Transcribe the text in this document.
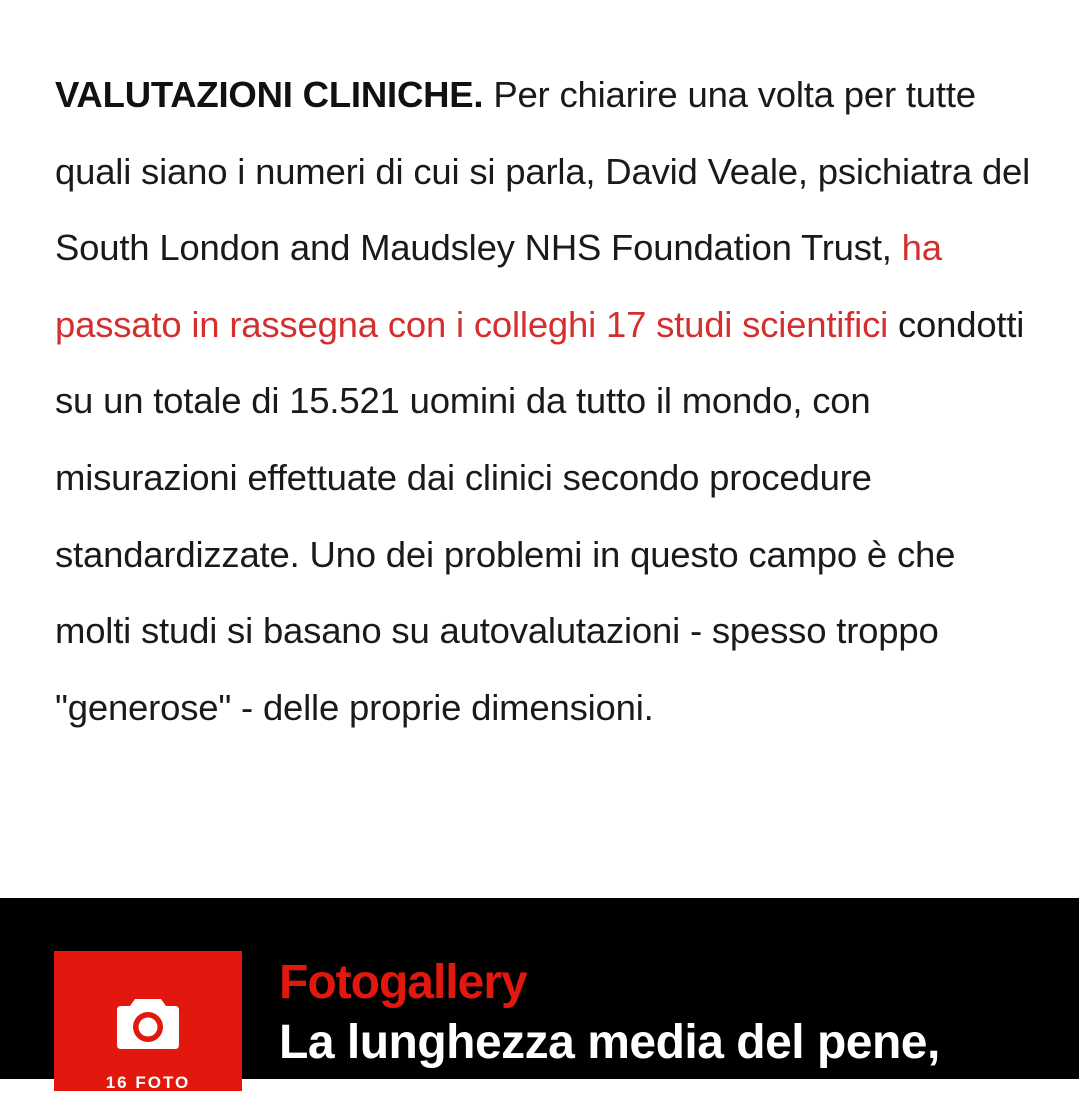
VALUTAZIONI CLINICHE. Per chiarire una volta per tutte quali siano i numeri di cui si parla, David Veale, psichiatra del South London and Maudsley NHS Foundation Trust, ha passato in rassegna con i colleghi 17 studi scientifici condotti su un totale di 15.521 uomini da tutto il mondo, con misurazioni effettuate dai clinici secondo procedure standardizzate. Uno dei problemi in questo campo è che molti studi si basano su autovalutazioni - spesso troppo "generose" - delle proprie dimensioni.

16 FOTO
Fotogallery
La lunghezza media del pene,
